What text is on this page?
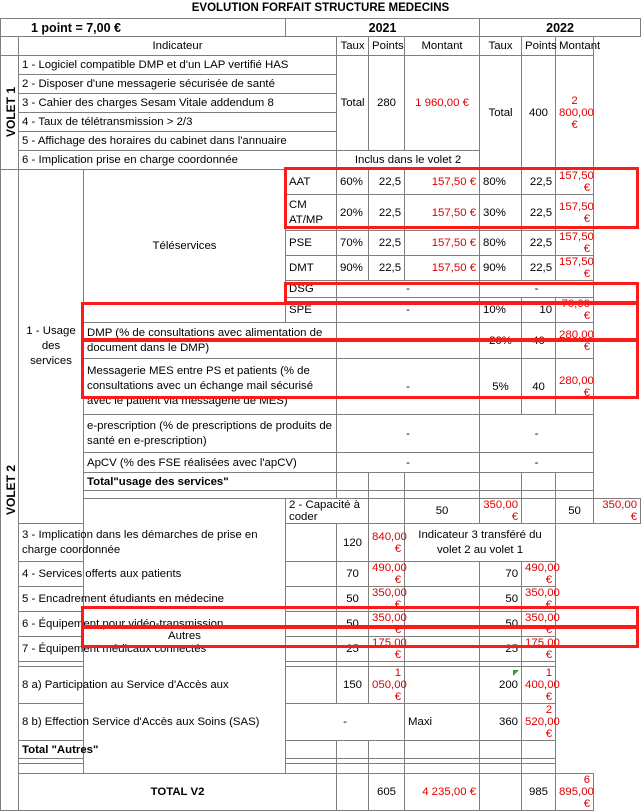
EVOLUTION FORFAIT STRUCTURE MEDECINS
1 point = 7,00 €			2021				2022			
	Indicateur			Taux	Points	Montant	Taux	Points	Montant	

VOLET 1	1 - Logiciel compatible DMP et d'un LAP vertifié HAS			Total	280	1 960,00 €	Total	400	2 800,00 €	
	2 - Disposer d'une messagerie sécurisée de santé									
	3 - Cahier des charges Sesam Vitale addendum 8									
	4 - Taux de télétransmission > 2/3									
	5 - Affichage des horaires du cabinet dans l'annuaire									
	6 - Implication prise en charge coordonnée			Inclus dans le volet 2						

VOLET 2	1 - Usage des services	Téléservices	AAT	60%	22,5	157,50 €	80%	22,5	157,50 €	
			CM AT/MP	20%	22,5	157,50 €	30%	22,5	157,50 €	
			PSE	70%	22,5	157,50 €	80%	22,5	157,50 €	
			DMT	90%	22,5	157,50 €	90%	22,5	157,50 €	
			DSG	-			-			
			SPE	-			10%	10	70,00 €	
		DMP (% de consultations avec alimentation de document dans le DMP)		-			20%	40	280,00 €	
		Messagerie MES entre PS et patients (% de consultations avec un échange mail sécurisé avec le patient via messagerie de MES)		-			5%	40	280,00 €	
		e-prescription (% de prescriptions de produits de santé en e-prescription)		-			-			
		ApCV (% des FSE réalisées avec l'apCV)		-			-			
		Total"usage des services"								

		Autres	2 - Capacité à coder			50	350,00 €		50	350,00 €
	3 - Implication dans les démarches de prise en charge coordonnée			120	840,00 €	Indicateur 3 transféré du volet 2 au volet 1				
	4 - Services offerts aux patients			70	490,00 €		70	490,00 €		
	5 - Encadrement étudiants en médecine			50	350,00 €		50	350,00 €		
	6 - Équipement pour vidéo-transmission			50	350,00 €		50	350,00 €		
	7 - Équipement médicaux connectés			25	175,00 €		25	175,00 €		

	8 a) Participation au Service d'Accès aux			150	1 050,00 €		200	1 400,00 €		
	8 b) Effection Service d'Accès aux Soins (SAS)		-			Maxi	360	2 520,00 €		
	Total "Autres"									

	TOTAL V2				605	4 235,00 €		985	6 895,00 €	
